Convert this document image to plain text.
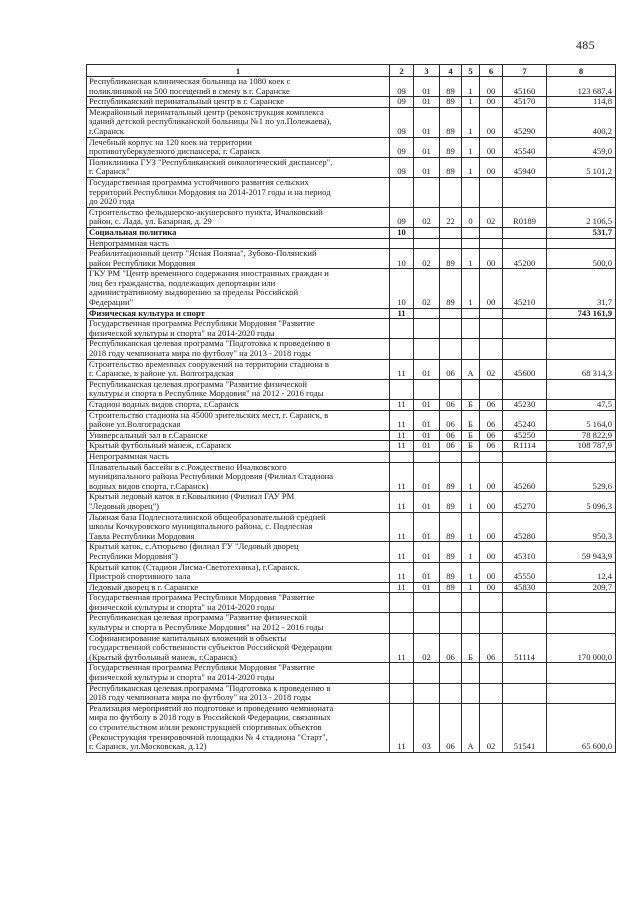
485
1	2	3	4	5	6	7	8
Республиканская клиническая больница на 1080 коек с
поликлиникой на 500 посещений в смену в г. Саранске	09	01	89	1	00	45160	123 687,4
Республиканский перинатальный центр в г. Саранске	09	01	89	1	00	45170	114,8
Межрайонный перинатальный центр (реконструкция комплекса
зданий детской республиканской больницы №1 по ул.Полежаева),
г.Саранск	09	01	89	1	00	45290	400,2
Лечебный корпус на 120 коек на территории
противотуберкулезного диспансера, г. Саранск	09	01	89	1	00	45540	459,0
Поликлиника ГУЗ "Республиканский онкологический диспансер",
г. Саранск"	09	01	89	1	00	45940	5 101,2
Государственная программа устойчивого развития сельских
территорий Республики Мордовия на 2014-2017 годы и на период
до 2020 года							
Строительство фельдшерско-акушерского пункта, Ичалковский
район, с. Лада, ул. Базарная, д. 29	09	02	22	0	02	R0189	2 106,5
Социальная политика	10						531,7
Непрограммная часть							
Реабилитационный центр "Ясная Поляна", Зубово-Полянский
район Республики Мордовия	10	02	89	1	00	45200	500,0
ГКУ РМ "Центр временного содержания иностранных граждан и
лиц без гражданства, подлежащих депортации или
административному выдворению за пределы Российской
Федерации"	10	02	89	1	00	45210	31,7
Физическая культура и спорт	11						743 161,9
Государственная программа Республики Мордовия "Развитие
физической культуры и спорта" на 2014-2020 годы							
Республиканская целевая программа "Подготовка к проведению в
2018 году чемпионата мира по футболу" на 2013 - 2018 годы							
Строительство временных сооружений на территории стадиона в
г. Саранске, в районе ул. Волгоградская	11	01	06	А	02	45600	68 314,3
Республиканская целевая программа "Развитие физической
культуры и спорта в Республике Мордовия" на 2012 - 2016 годы							
Стадион водных видов спорта, г.Саранск	11	01	06	Б	06	45230	47,5
Строительство стадиона на 45000 зрительских мест, г. Саранск, в
районе ул.Волгоградская	11	01	06	Б	06	45240	5 164,0
Универсальный зал в г.Саранске	11	01	06	Б	06	45250	78 822,9
Крытый футбольный манеж, г.Саранск	11	01	06	Б	06	R1114	108 787,9
Непрограммная часть							
Плавательный бассейн в с.Рождествено Ичалковского
муниципального района Республики Мордовия (Филиал Стадиона
водных видов спорта, г.Саранск)	11	01	89	1	00	45260	529,6
Крытый ледовый каток в г.Ковылкино (Филиал ГАУ РМ
"Ледовый дворец")	11	01	89	1	00	45270	5 096,3
Лыжная база Подлесноталинской общеобразовательной средней
школы Кочкуровского муниципального района, с. Подлесная
Тавла Республики Мордовия	11	01	89	1	00	45280	950,3
Крытый каток, с.Атюрьево (филиал ГУ "Ледовый дворец
Республики Мордовия")	11	01	89	1	00	45310	59 943,9
Крытый каток (Стадион Лисма-Светотехника), г.Саранск.
Пристрой спортивного зала	11	01	89	1	00	45550	12,4
Ледовый дворец в г. Саранске	11	01	89	1	00	45830	209,7
Государственная программа Республики Мордовия "Развитие
физической культуры и спорта" на 2014-2020 годы							
Республиканская целевая программа "Развитие физической
культуры и спорта в Республике Мордовия" на 2012 - 2016 годы							
Софинансирование капитальных вложений в объекты
государственной собственности субъектов Российской Федерации
(Крытый футбольный манеж, г.Саранск)	11	02	06	Б	06	51114	170 000,0
Государственная программа Республики Мордовия "Развитие
физической культуры и спорта" на 2014-2020 годы							
Республиканская целевая программа "Подготовка к проведению в
2018 году чемпионата мира по футболу" на 2013 - 2018 годы							
Реализация мероприятий по подготовке и проведению чемпионата
мира по футболу в 2018 году в Российской Федерации, связанных
со строительством и/или реконструкцией спортивных объектов
(Реконструкция тренировочной площадки № 4 стадиона "Старт",
г. Саранск, ул.Московская, д.12)	11	03	06	А	02	51541	65 600,0
